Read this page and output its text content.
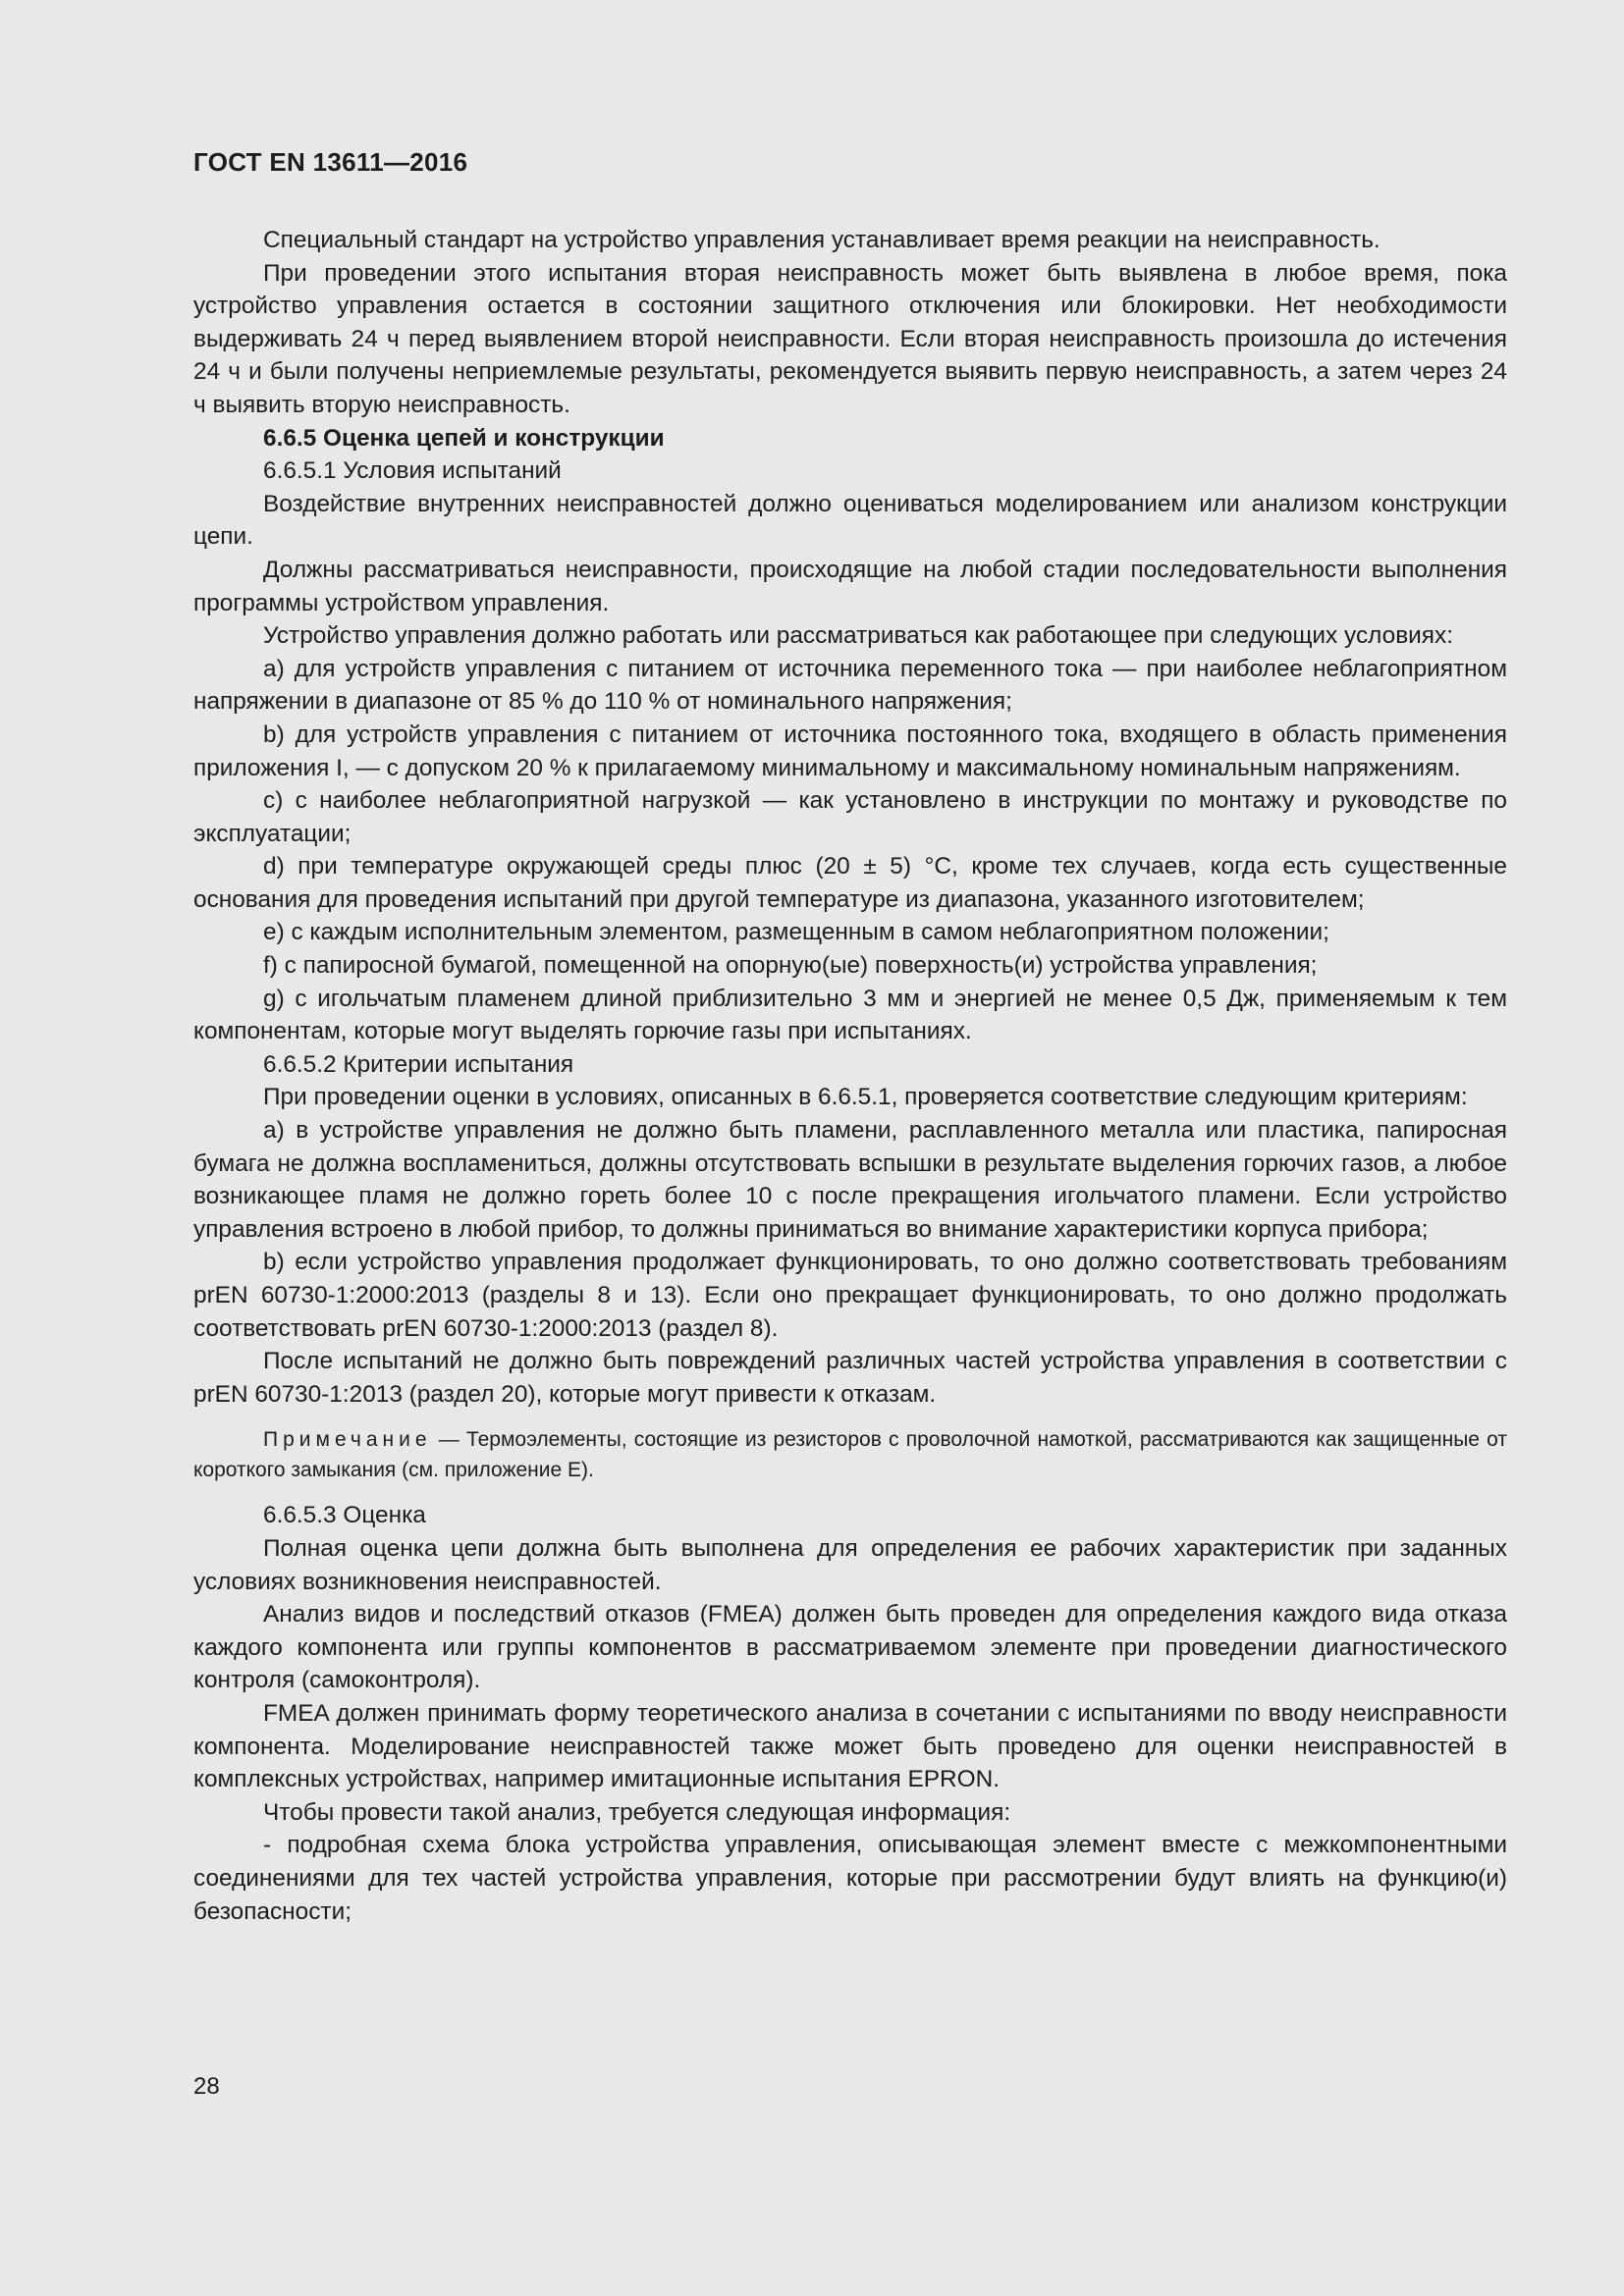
ГОСТ EN 13611—2016

Специальный стандарт на устройство управления устанавливает время реакции на неисправность.

При проведении этого испытания вторая неисправность может быть выявлена в любое время, пока устройство управления остается в состоянии защитного отключения или блокировки. Нет необходимости выдерживать 24 ч перед выявлением второй неисправности. Если вторая неисправность произошла до истечения 24 ч и были получены неприемлемые результаты, рекомендуется выявить первую неисправность, а затем через 24 ч выявить вторую неисправность.

6.6.5 Оценка цепей и конструкции

6.6.5.1 Условия испытаний

Воздействие внутренних неисправностей должно оцениваться моделированием или анализом конструкции цепи.

Должны рассматриваться неисправности, происходящие на любой стадии последовательности выполнения программы устройством управления.

Устройство управления должно работать или рассматриваться как работающее при следующих условиях:

a) для устройств управления с питанием от источника переменного тока — при наиболее неблагоприятном напряжении в диапазоне от 85 % до 110 % от номинального напряжения;

b) для устройств управления с питанием от источника постоянного тока, входящего в область применения приложения I, — с допуском 20 % к прилагаемому минимальному и максимальному номинальным напряжениям.

c) с наиболее неблагоприятной нагрузкой — как установлено в инструкции по монтажу и руководстве по эксплуатации;

d) при температуре окружающей среды плюс (20 ± 5) °С, кроме тех случаев, когда есть существенные основания для проведения испытаний при другой температуре из диапазона, указанного изготовителем;

e) с каждым исполнительным элементом, размещенным в самом неблагоприятном положении;

f) с папиросной бумагой, помещенной на опорную(ые) поверхность(и) устройства управления;

g) с игольчатым пламенем длиной приблизительно 3 мм и энергией не менее 0,5 Дж, применяемым к тем компонентам, которые могут выделять горючие газы при испытаниях.

6.6.5.2 Критерии испытания

При проведении оценки в условиях, описанных в 6.6.5.1, проверяется соответствие следующим критериям:

a) в устройстве управления не должно быть пламени, расплавленного металла или пластика, папиросная бумага не должна воспламениться, должны отсутствовать вспышки в результате выделения горючих газов, а любое возникающее пламя не должно гореть более 10 с после прекращения игольчатого пламени. Если устройство управления встроено в любой прибор, то должны приниматься во внимание характеристики корпуса прибора;

b) если устройство управления продолжает функционировать, то оно должно соответствовать требованиям prEN 60730-1:2000:2013 (разделы 8 и 13). Если оно прекращает функционировать, то оно должно продолжать соответствовать prEN 60730-1:2000:2013 (раздел 8).

После испытаний не должно быть повреждений различных частей устройства управления в соответствии с prEN 60730-1:2013 (раздел 20), которые могут привести к отказам.

Примечание — Термоэлементы, состоящие из резисторов с проволочной намоткой, рассматриваются как защищенные от короткого замыкания (см. приложение E).

6.6.5.3 Оценка

Полная оценка цепи должна быть выполнена для определения ее рабочих характеристик при заданных условиях возникновения неисправностей.

Анализ видов и последствий отказов (FMEA) должен быть проведен для определения каждого вида отказа каждого компонента или группы компонентов в рассматриваемом элементе при проведении диагностического контроля (самоконтроля).

FMEA должен принимать форму теоретического анализа в сочетании с испытаниями по вводу неисправности компонента. Моделирование неисправностей также может быть проведено для оценки неисправностей в комплексных устройствах, например имитационные испытания EPRON.

Чтобы провести такой анализ, требуется следующая информация:

- подробная схема блока устройства управления, описывающая элемент вместе с межкомпонентными соединениями для тех частей устройства управления, которые при рассмотрении будут влиять на функцию(и) безопасности;

28
